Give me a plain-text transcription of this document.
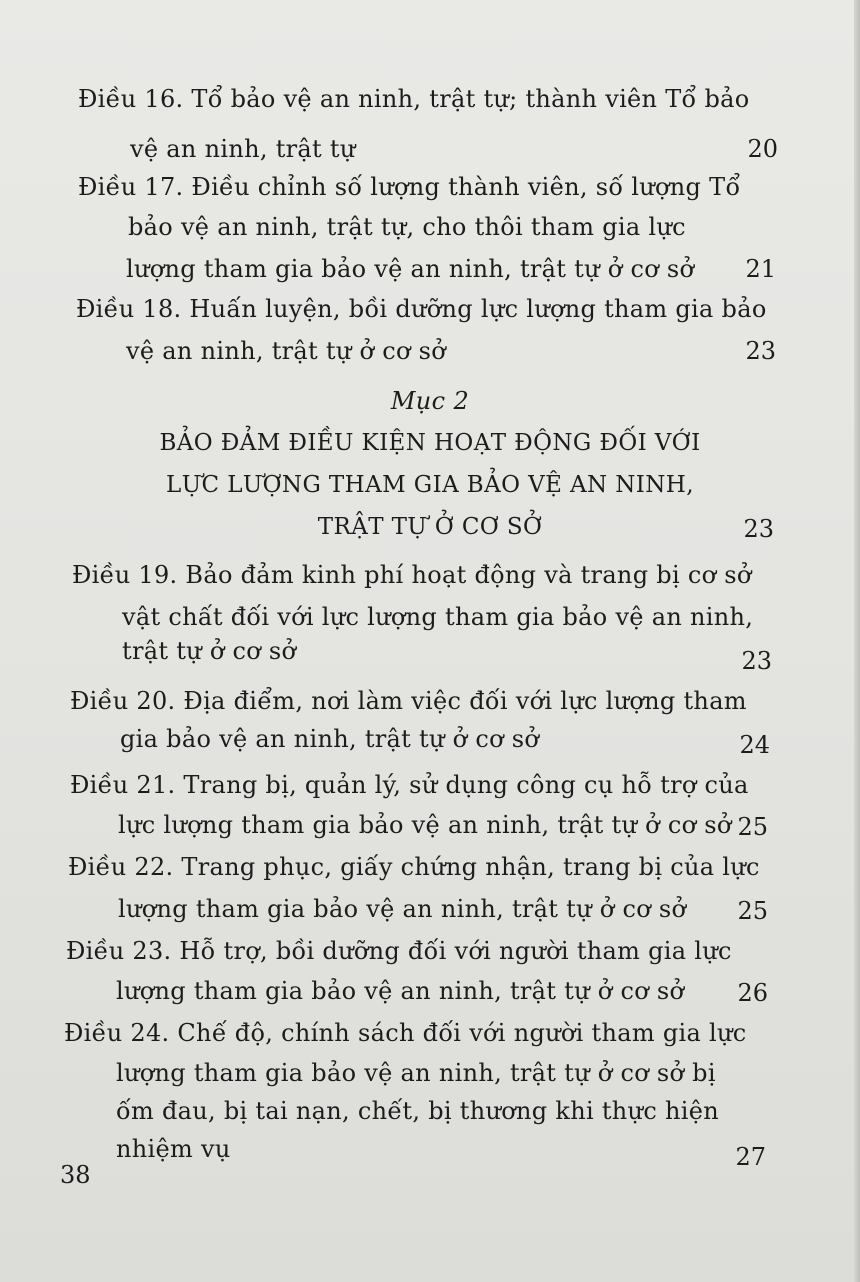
Điều 16. Tổ bảo vệ an ninh, trật tự; thành viên Tổ bảo
vệ an ninh, trật tự	20
Điều 17. Điều chỉnh số lượng thành viên, số lượng Tổ
bảo vệ an ninh, trật tự, cho thôi tham gia lực
lượng tham gia bảo vệ an ninh, trật tự ở cơ sở	21
Điều 18. Huấn luyện, bồi dưỡng lực lượng tham gia bảo
vệ an ninh, trật tự ở cơ sở	23
Mục 2
BẢO ĐẢM ĐIỀU KIỆN HOẠT ĐỘNG ĐỐI VỚI
LỰC LƯỢNG THAM GIA BẢO VỆ AN NINH,
TRẬT TỰ Ở CƠ SỞ	23
Điều 19. Bảo đảm kinh phí hoạt động và trang bị cơ sở
vật chất đối với lực lượng tham gia bảo vệ an ninh,
trật tự ở cơ sở	23
Điều 20. Địa điểm, nơi làm việc đối với lực lượng tham
gia bảo vệ an ninh, trật tự ở cơ sở	24
Điều 21. Trang bị, quản lý, sử dụng công cụ hỗ trợ của
lực lượng tham gia bảo vệ an ninh, trật tự ở cơ sở 25
Điều 22. Trang phục, giấy chứng nhận, trang bị của lực
lượng tham gia bảo vệ an ninh, trật tự ở cơ sở	25
Điều 23. Hỗ trợ, bồi dưỡng đối với người tham gia lực
lượng tham gia bảo vệ an ninh, trật tự ở cơ sở	26
Điều 24. Chế độ, chính sách đối với người tham gia lực
lượng tham gia bảo vệ an ninh, trật tự ở cơ sở bị
ốm đau, bị tai nạn, chết, bị thương khi thực hiện
nhiệm vụ	27
38
